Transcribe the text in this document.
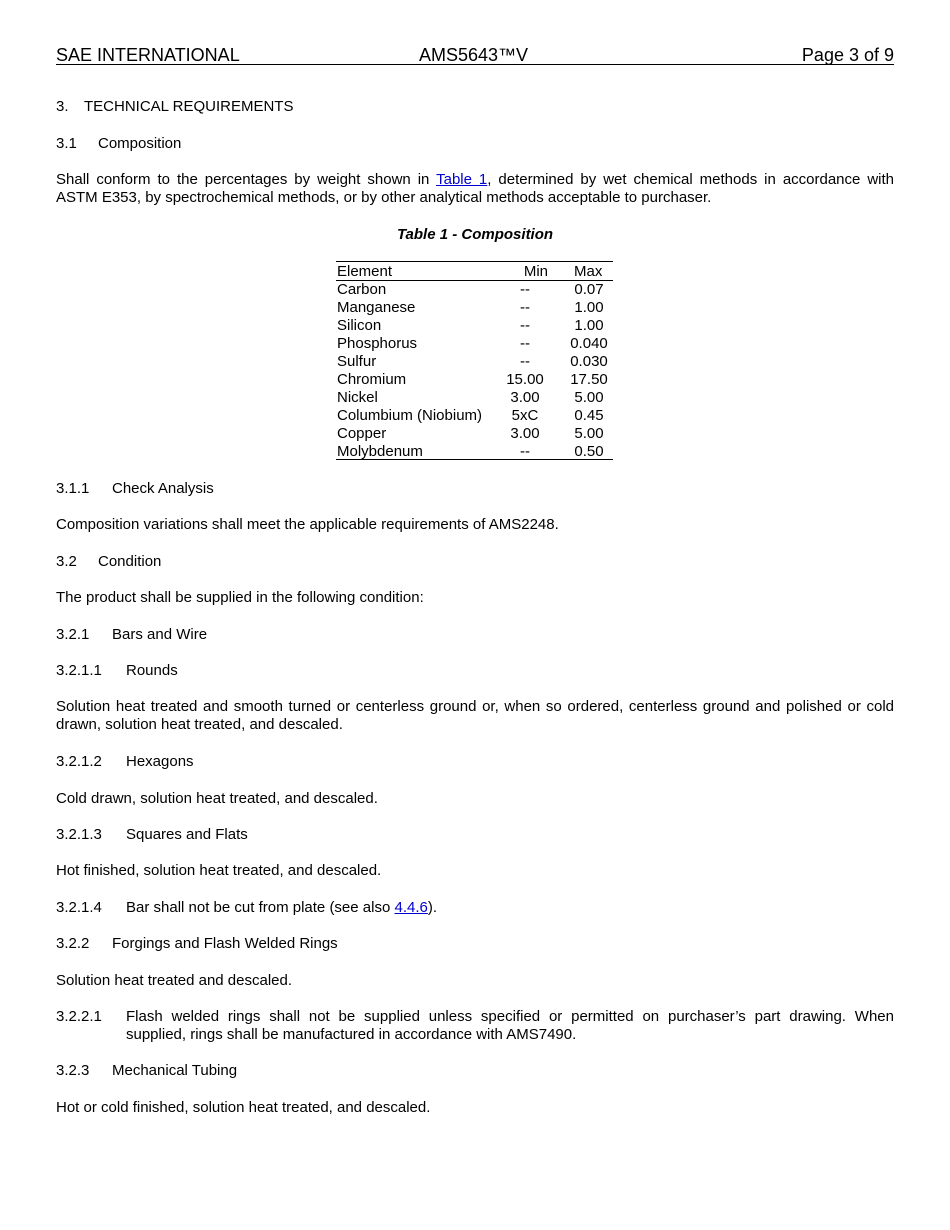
SAE INTERNATIONAL	AMS5643™V	Page 3 of 9
3. TECHNICAL REQUIREMENTS
3.1 Composition
Shall conform to the percentages by weight shown in Table 1, determined by wet chemical methods in accordance with
ASTM E353, by spectrochemical methods, or by other analytical methods acceptable to purchaser.
Table 1 - Composition
Element	Min Max
Carbon	--	0.07
Manganese	--	1.00
Silicon	--	1.00
Phosphorus	--	0.040
Sulfur	--	0.030
Chromium	15.00	17.50
Nickel	3.00	5.00
Columbium (Niobium)	5xC	0.45
Copper	3.00	5.00
Molybdenum	--	0.50
3.1.1 Check Analysis
Composition variations shall meet the applicable requirements of AMS2248.
3.2 Condition
The product shall be supplied in the following condition:
3.2.1 Bars and Wire
3.2.1.1 Rounds
Solution heat treated and smooth turned or centerless ground or, when so ordered, centerless ground and polished or cold
drawn, solution heat treated, and descaled.
3.2.1.2 Hexagons
Cold drawn, solution heat treated, and descaled.
3.2.1.3 Squares and Flats
Hot finished, solution heat treated, and descaled.
3.2.1.4 Bar shall not be cut from plate (see also 4.4.6).
3.2.2 Forgings and Flash Welded Rings
Solution heat treated and descaled.
3.2.2.1 Flash welded rings shall not be supplied unless specified or permitted on purchaser’s part drawing. When
supplied, rings shall be manufactured in accordance with AMS7490.
3.2.3 Mechanical Tubing
Hot or cold finished, solution heat treated, and descaled.
